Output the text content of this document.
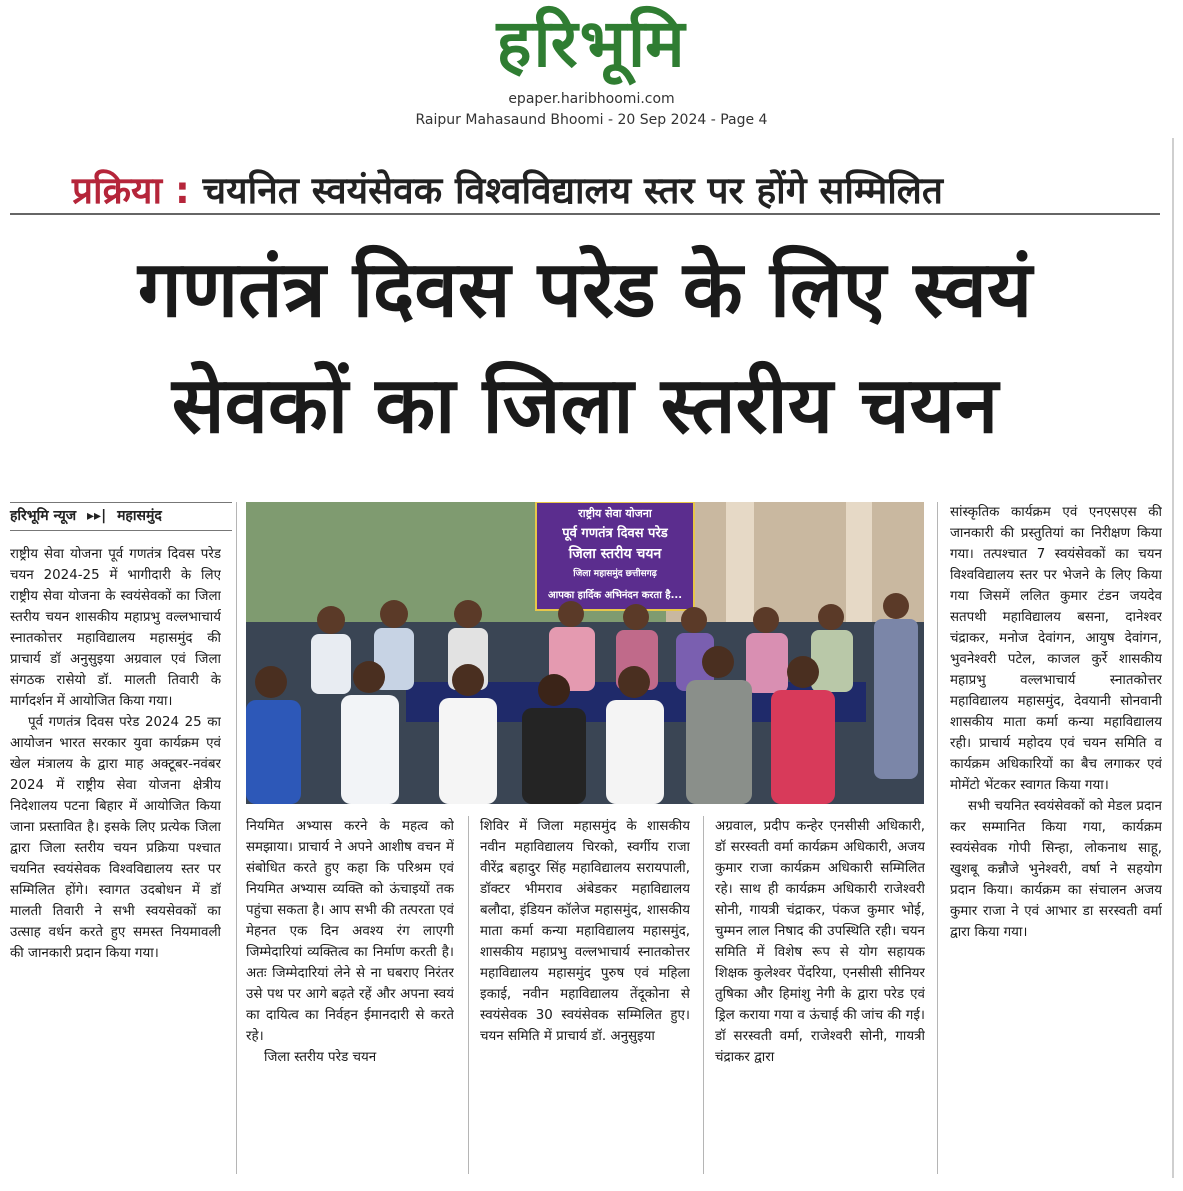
हरिभूमि
epaper.haribhoomi.com
Raipur Mahasaund Bhoomi - 20 Sep 2024 - Page 4
प्रक्रिया : चयनित स्वयंसेवक विश्वविद्यालय स्तर पर होंगे सम्मिलित
गणतंत्र दिवस परेड के लिए स्वयं
सेवकों का जिला स्तरीय चयन
हरिभूमि न्यूज ▸▸| महासमुंद

राष्ट्रीय सेवा योजना पूर्व गणतंत्र दिवस परेड चयन 2024-25 में भागीदारी के लिए राष्ट्रीय सेवा योजना के स्वयंसेवकों का जिला स्तरीय चयन शासकीय महाप्रभु वल्लभाचार्य स्नातकोत्तर महाविद्यालय महासमुंद की प्राचार्य डॉ अनुसुइया अग्रवाल एवं जिला संगठक रासेयो डॉ. मालती तिवारी के मार्गदर्शन में आयोजित किया गया।

पूर्व गणतंत्र दिवस परेड 2024 25 का आयोजन भारत सरकार युवा कार्यक्रम एवं खेल मंत्रालय के द्वारा माह अक्टूबर-नवंबर 2024 में राष्ट्रीय सेवा योजना क्षेत्रीय निदेशालय पटना बिहार में आयोजित किया जाना प्रस्तावित है। इसके लिए प्रत्येक जिला द्वारा जिला स्तरीय चयन प्रक्रिया पश्चात चयनित स्वयंसेवक विश्वविद्यालय स्तर पर सम्मिलित होंगे। स्वागत उदबोधन में डॉ मालती तिवारी ने सभी स्वयसेवकों का उत्साह वर्धन करते हुए समस्त नियमावली की जानकारी प्रदान किया गया।

राष्ट्रीय सेवा योजना
पूर्व गणतंत्र दिवस परेड
जिला स्तरीय चयन
जिला महासमुंद छत्तीसगढ़
आपका हार्दिक अभिनंदन करता है...

नियमित अभ्यास करने के महत्व को समझाया। प्राचार्य ने अपने आशीष वचन में संबोधित करते हुए कहा कि परिश्रम एवं नियमित अभ्यास व्यक्ति को ऊंचाइयों तक पहुंचा सकता है। आप सभी की तत्परता एवं मेहनत एक दिन अवश्य रंग लाएगी जिम्मेदारियां व्यक्तित्व का निर्माण करती है। अतः जिम्मेदारियां लेने से ना घबराए निरंतर उसे पथ पर आगे बढ़ते रहें और अपना स्वयं का दायित्व का निर्वहन ईमानदारी से करते रहे।

जिला स्तरीय परेड चयन

शिविर में जिला महासमुंद के शासकीय नवीन महाविद्यालय चिरको, स्वर्गीय राजा वीरेंद्र बहादुर सिंह महाविद्यालय सरायपाली, डॉक्टर भीमराव अंबेडकर महाविद्यालय बलौदा, इंडियन कॉलेज महासमुंद, शासकीय माता कर्मा कन्या महाविद्यालय महासमुंद, शासकीय महाप्रभु वल्लभाचार्य स्नातकोत्तर महाविद्यालय महासमुंद पुरुष एवं महिला इकाई, नवीन महाविद्यालय तेंदूकोना से स्वयंसेवक 30 स्वयंसेवक सम्मिलित हुए। चयन समिति में प्राचार्य डॉ. अनुसुइया

अग्रवाल, प्रदीप कन्हेर एनसीसी अधिकारी, डॉ सरस्वती वर्मा कार्यक्रम अधिकारी, अजय कुमार राजा कार्यक्रम अधिकारी सम्मिलित रहे। साथ ही कार्यक्रम अधिकारी राजेश्वरी सोनी, गायत्री चंद्राकर, पंकज कुमार भोई, चुम्मन लाल निषाद की उपस्थिति रही। चयन समिति में विशेष रूप से योग सहायक शिक्षक कुलेश्वर पेंदरिया, एनसीसी सीनियर तुषिका और हिमांशु नेगी के द्वारा परेड एवं ड्रिल कराया गया व ऊंचाई की जांच की गई। डॉ सरस्वती वर्मा, राजेश्वरी सोनी, गायत्री चंद्राकर द्वारा

सांस्कृतिक कार्यक्रम एवं एनएसएस की जानकारी की प्रस्तुतियां का निरीक्षण किया गया। तत्पश्चात 7 स्वयंसेवकों का चयन विश्वविद्यालय स्तर पर भेजने के लिए किया गया जिसमें ललित कुमार टंडन जयदेव सतपथी महाविद्यालय बसना, दानेश्वर चंद्राकर, मनोज देवांगन, आयुष देवांगन, भुवनेश्वरी पटेल, काजल कुर्रे शासकीय महाप्रभु वल्लभाचार्य स्नातकोत्तर महाविद्यालय महासमुंद, देवयानी सोनवानी शासकीय माता कर्मा कन्या महाविद्यालय रही। प्राचार्य महोदय एवं चयन समिति व कार्यक्रम अधिकारियों का बैच लगाकर एवं मोमेंटो भेंटकर स्वागत किया गया।

सभी चयनित स्वयंसेवकों को मेडल प्रदान कर सम्मानित किया गया, कार्यक्रम स्वयंसेवक गोपी सिन्हा, लोकनाथ साहू, खुशबू कन्नौजे भुनेश्वरी, वर्षा ने सहयोग प्रदान किया। कार्यक्रम का संचालन अजय कुमार राजा ने एवं आभार डा सरस्वती वर्मा द्वारा किया गया।
